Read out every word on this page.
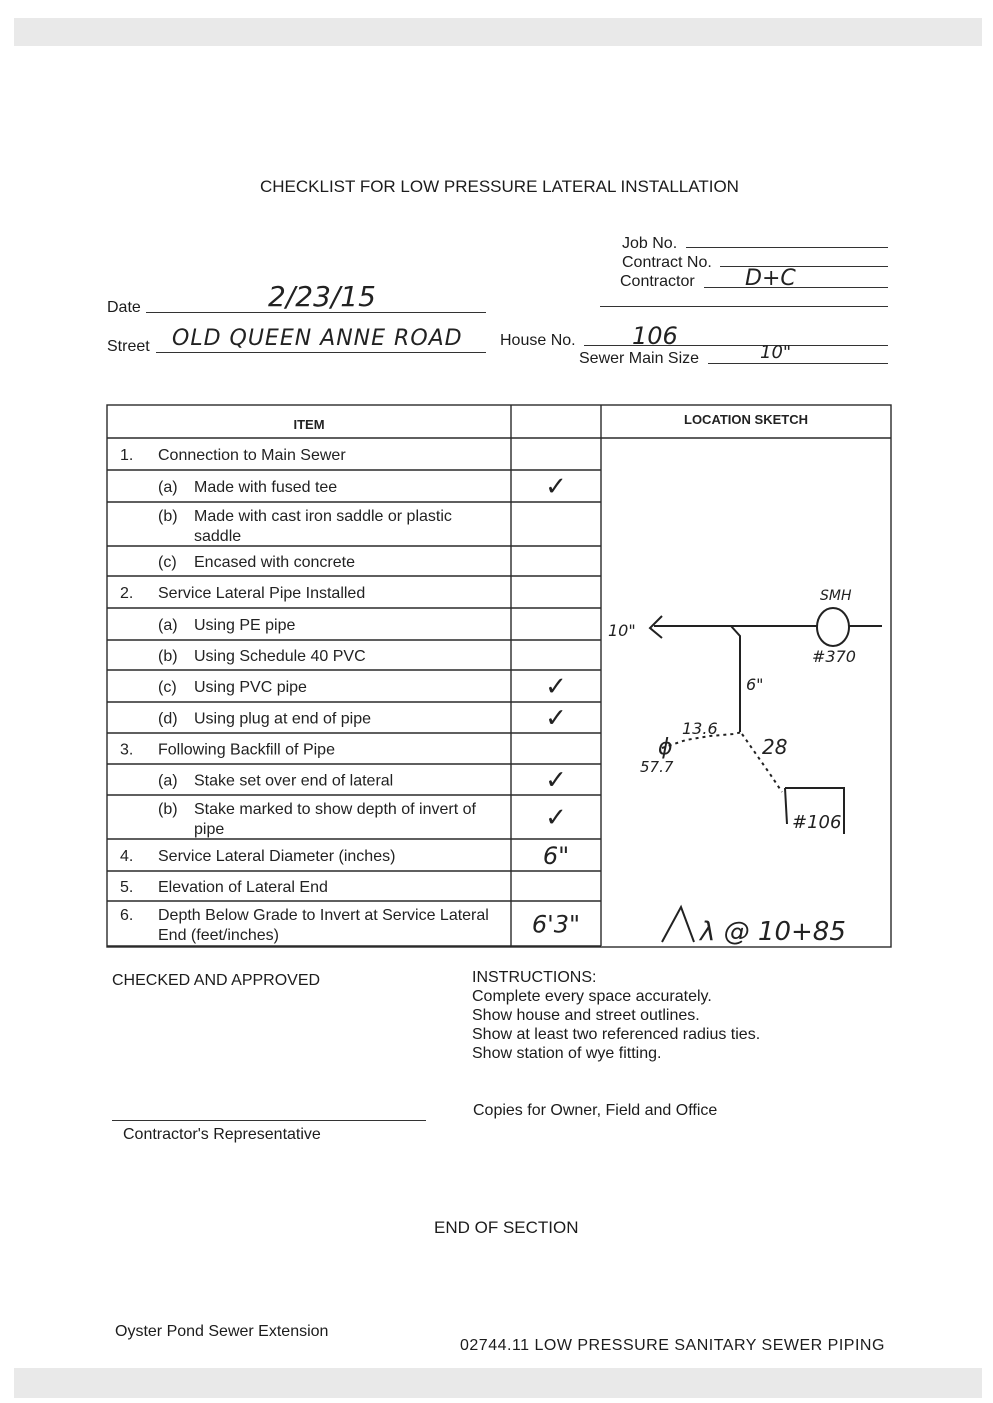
CHECKLIST FOR LOW PRESSURE LATERAL INSTALLATION
Job No.
Contract No.
Contractor D+C
Date	2/23/15
Street OLD QUEEN ANNE ROAD House No. 106
Sewer Main Size	10"
ITEM	LOCATION SKETCH
1. Connection to Main Sewer
(a) Made with fused tee	✓
(b) Made with cast iron saddle or plastic
saddle
(c) Encased with concrete
2. Service Lateral Pipe Installed
(a) Using PE pipe
(b) Using Schedule 40 PVC
(c) Using PVC pipe	✓
(d) Using plug at end of pipe	✓
3. Following Backfill of Pipe
(a) Stake set over end of lateral	✓
(b) Stake marked to show depth of invert of
pipe	✓
4. Service Lateral Diameter (inches)	6"
5. Elevation of Lateral End
6. Depth Below Grade to Invert at Service Lateral
End (feet/inches)	6'3"
SMH
#370
10"
6"
13.6
ϕ
57.7
28
#106
λ @ 10+85
CHECKED AND APPROVED
Contractor's Representative
INSTRUCTIONS:
Complete every space accurately.
Show house and street outlines.
Show at least two referenced radius ties.
Show station of wye fitting.
Copies for Owner, Field and Office
END OF SECTION
Oyster Pond Sewer Extension
02744.11 LOW PRESSURE SANITARY SEWER PIPING
